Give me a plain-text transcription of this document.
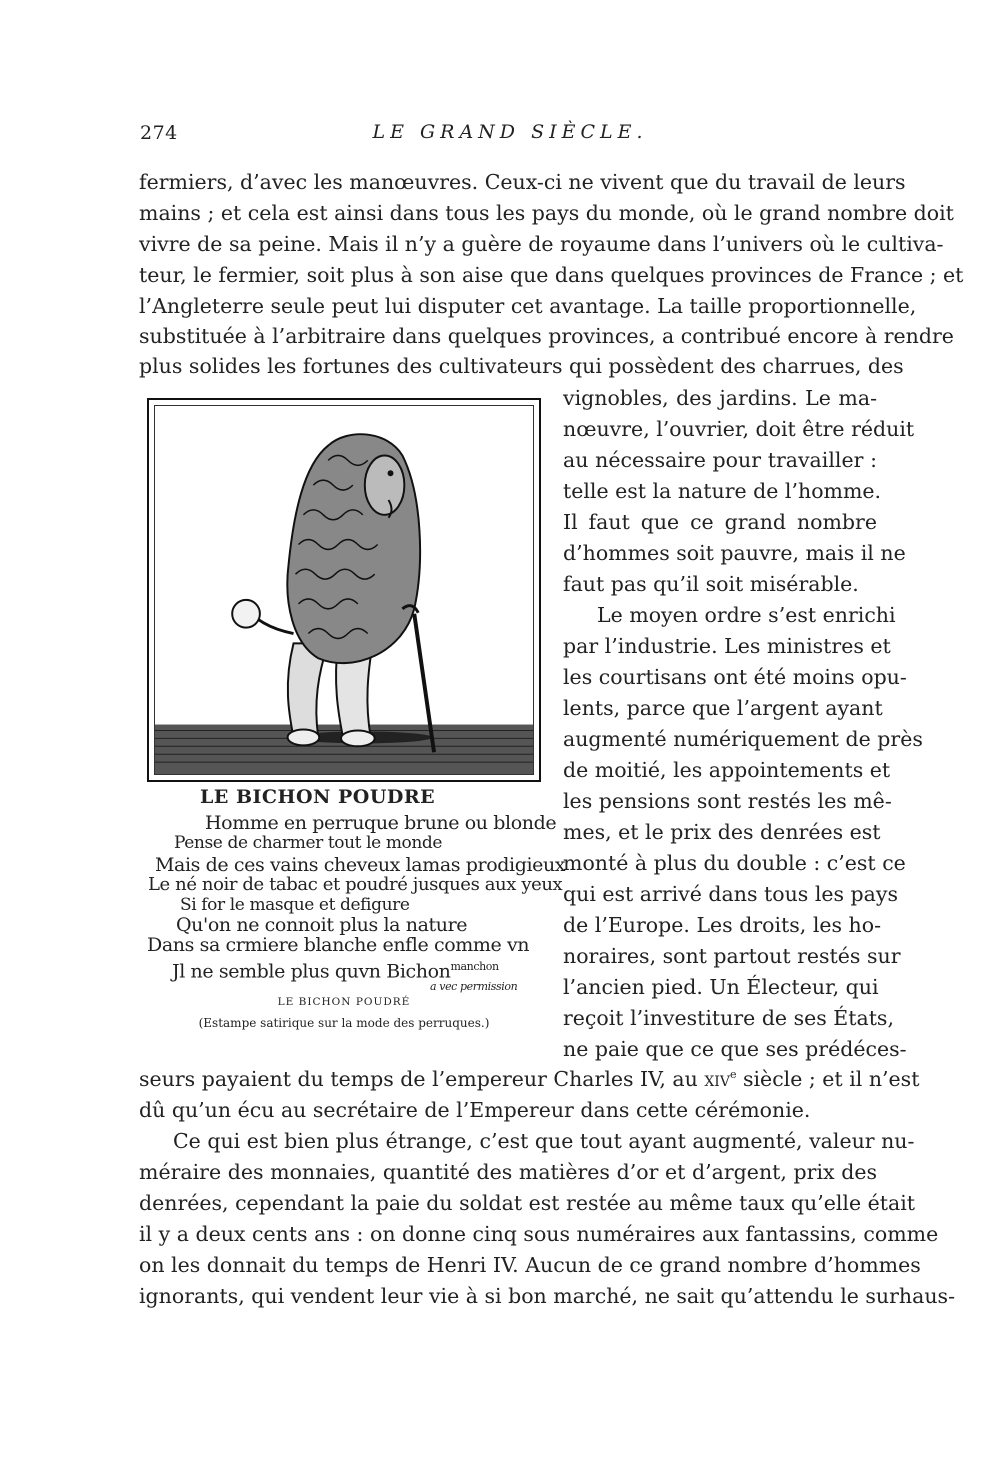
274	LE GRAND SIÈCLE.
fermiers, d’avec les manœuvres. Ceux-ci ne vivent que du travail de leurs
mains ; et cela est ainsi dans tous les pays du monde, où le grand nombre doit
vivre de sa peine. Mais il n’y a guère de royaume dans l’univers où le cultiva-
teur, le fermier, soit plus à son aise que dans quelques provinces de France ; et
l’Angleterre seule peut lui disputer cet avantage. La taille proportionnelle,
substituée à l’arbitraire dans quelques provinces, a contribué encore à rendre
plus solides les fortunes des cultivateurs qui possèdent des charrues, des
vignobles, des jardins. Le ma-
nœuvre, l’ouvrier, doit être réduit
au nécessaire pour travailler :
telle est la nature de l’homme.
Il faut que ce grand nombre
d’hommes soit pauvre, mais il ne
faut pas qu’il soit misérable.
Le moyen ordre s’est enrichi
par l’industrie. Les ministres et
les courtisans ont été moins opu-
lents, parce que l’argent ayant
augmenté numériquement de près
de moitié, les appointements et
les pensions sont restés les mê-
mes, et le prix des denrées est
monté à plus du double : c’est ce
qui est arrivé dans tous les pays
de l’Europe. Les droits, les ho-
noraires, sont partout restés sur
l’ancien pied. Un Électeur, qui
reçoit l’investiture de ses États,
ne paie que ce que ses prédéces-
seurs payaient du temps de l’empereur Charles IV, au xiv$^e$ siècle ; et il n’est
dû qu’un écu au secrétaire de l’Empereur dans cette cérémonie.
Ce qui est bien plus étrange, c’est que tout ayant augmenté, valeur nu-
méraire des monnaies, quantité des matières d’or et d’argent, prix des
denrées, cependant la paie du soldat est restée au même taux qu’elle était
il y a deux cents ans : on donne cinq sous numéraires aux fantassins, comme
on les donnait du temps de Henri IV. Aucun de ce grand nombre d’hommes
ignorants, qui vendent leur vie à si bon marché, ne sait qu’attendu le surhaus-
LE BICHON POUDRE
Homme en perruque brune ou blonde
Pense de charmer tout le monde
Mais de ces vains cheveux lamas prodigieux
Le né noir de tabac et poudré jusques aux yeux
Si for le masque et defigure
Qu'on ne connoit plus la nature
Dans sa crmiere blanche enfle comme vn
Jl ne semble plus quvn Bichon$^{manchon}$
a vec permission
LE BICHON POUDRÉ
(Estampe satirique sur la mode des perruques.)
